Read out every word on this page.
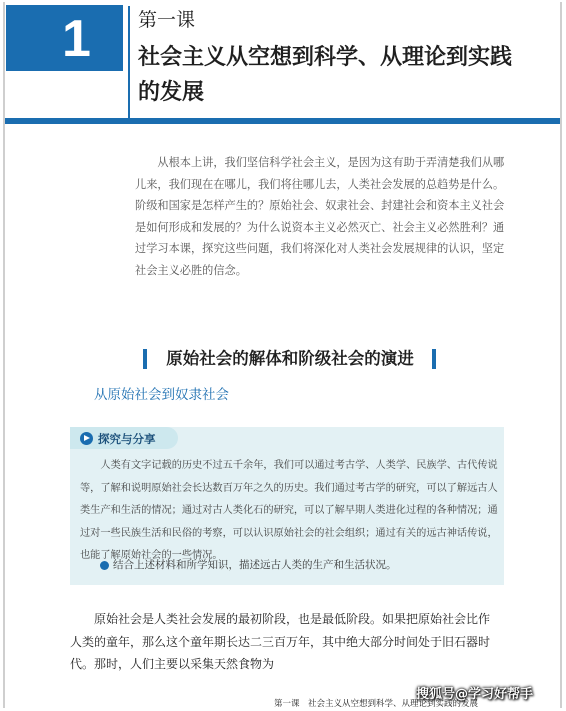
1 第一课
社会主义从空想到科学、从理论到实践的发展

从根本上讲，我们坚信科学社会主义，是因为这有助于弄清楚我们从哪儿来，我们现在在哪儿，我们将往哪儿去，人类社会发展的总趋势是什么。阶级和国家是怎样产生的？原始社会、奴隶社会、封建社会和资本主义社会是如何形成和发展的？为什么说资本主义必然灭亡、社会主义必然胜利？通过学习本课，探究这些问题，我们将深化对人类社会发展规律的认识，坚定社会主义必胜的信念。

原始社会的解体和阶级社会的演进
从原始社会到奴隶社会
探究与分享

人类有文字记载的历史不过五千余年，我们可以通过考古学、人类学、民族学、古代传说等，了解和说明原始社会长达数百万年之久的历史。我们通过考古学的研究，可以了解远古人类生产和生活的情况；通过对古人类化石的研究，可以了解早期人类进化过程的各种情况；通过对一些民族生活和民俗的考察，可以认识原始社会的社会组织；通过有关的远古神话传说，也能了解原始社会的一些情况。

结合上述材料和所学知识，描述远古人类的生产和生活状况。

原始社会是人类社会发展的最初阶段，也是最低阶段。如果把原始社会比作人类的童年，那么这个童年期长达二三百万年，其中绝大部分时间处于旧石器时代。那时，人们主要以采集天然食物为

第一课　社会主义从空想到科学、从理论到实践的发展
搜狐号@学习好帮手
